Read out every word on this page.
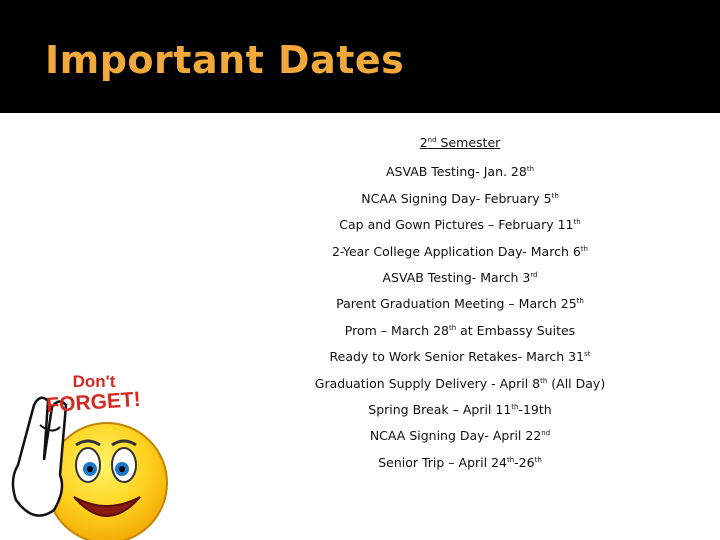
Important Dates
2nd Semester
ASVAB Testing- Jan. 28th
NCAA Signing Day- February 5th
Cap and Gown Pictures – February 11th
2-Year College Application Day- March 6th
ASVAB Testing- March 3rd
Parent Graduation Meeting – March 25th
Prom – March 28th at Embassy Suites
Ready to Work Senior Retakes- March 31st
Graduation Supply Delivery - April 8th (All Day)
Spring Break – April 11th-19th
NCAA Signing Day- April 22nd
Senior Trip – April 24th-26th
Don't
FORGET!
